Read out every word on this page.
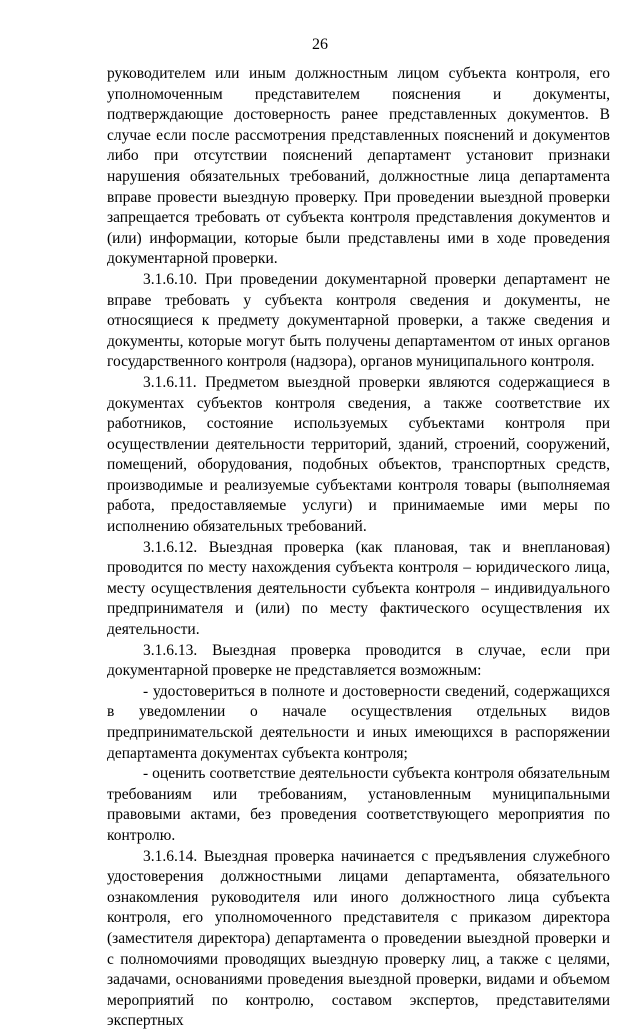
26

руководителем или иным должностным лицом субъекта контроля, его уполномоченным представителем пояснения и документы, подтверждающие достоверность ранее представленных документов. В случае если после рассмотрения представленных пояснений и документов либо при отсутствии пояснений департамент установит признаки нарушения обязательных требований, должностные лица департамента вправе провести выездную проверку. При проведении выездной проверки запрещается требовать от субъекта контроля представления документов и (или) информации, которые были представлены ими в ходе проведения документарной проверки.

3.1.6.10. При проведении документарной проверки департамент не вправе требовать у субъекта контроля сведения и документы, не относящиеся к предмету документарной проверки, а также сведения и документы, которые могут быть получены департаментом от иных органов государственного контроля (надзора), органов муниципального контроля.

3.1.6.11. Предметом выездной проверки являются содержащиеся в документах субъектов контроля сведения, а также соответствие их работников, состояние используемых субъектами контроля при осуществлении деятельности территорий, зданий, строений, сооружений, помещений, оборудования, подобных объектов, транспортных средств, производимые и реализуемые субъектами контроля товары (выполняемая работа, предоставляемые услуги) и принимаемые ими меры по исполнению обязательных требований.

3.1.6.12. Выездная проверка (как плановая, так и внеплановая) проводится по месту нахождения субъекта контроля – юридического лица, месту осуществления деятельности субъекта контроля – индивидуального предпринимателя и (или) по месту фактического осуществления их деятельности.

3.1.6.13. Выездная проверка проводится в случае, если при документарной проверке не представляется возможным:

- удостовериться в полноте и достоверности сведений, содержащихся в уведомлении о начале осуществления отдельных видов предпринимательской деятельности и иных имеющихся в распоряжении департамента документах субъекта контроля;

- оценить соответствие деятельности субъекта контроля обязательным требованиям или требованиям, установленным муниципальными правовыми актами, без проведения соответствующего мероприятия по контролю.

3.1.6.14. Выездная проверка начинается с предъявления служебного удостоверения должностными лицами департамента, обязательного ознакомления руководителя или иного должностного лица субъекта контроля, его уполномоченного представителя с приказом директора (заместителя директора) департамента о проведении выездной проверки и с полномочиями проводящих выездную проверку лиц, а также с целями, задачами, основаниями проведения выездной проверки, видами и объемом мероприятий по контролю, составом экспертов, представителями экспертных
